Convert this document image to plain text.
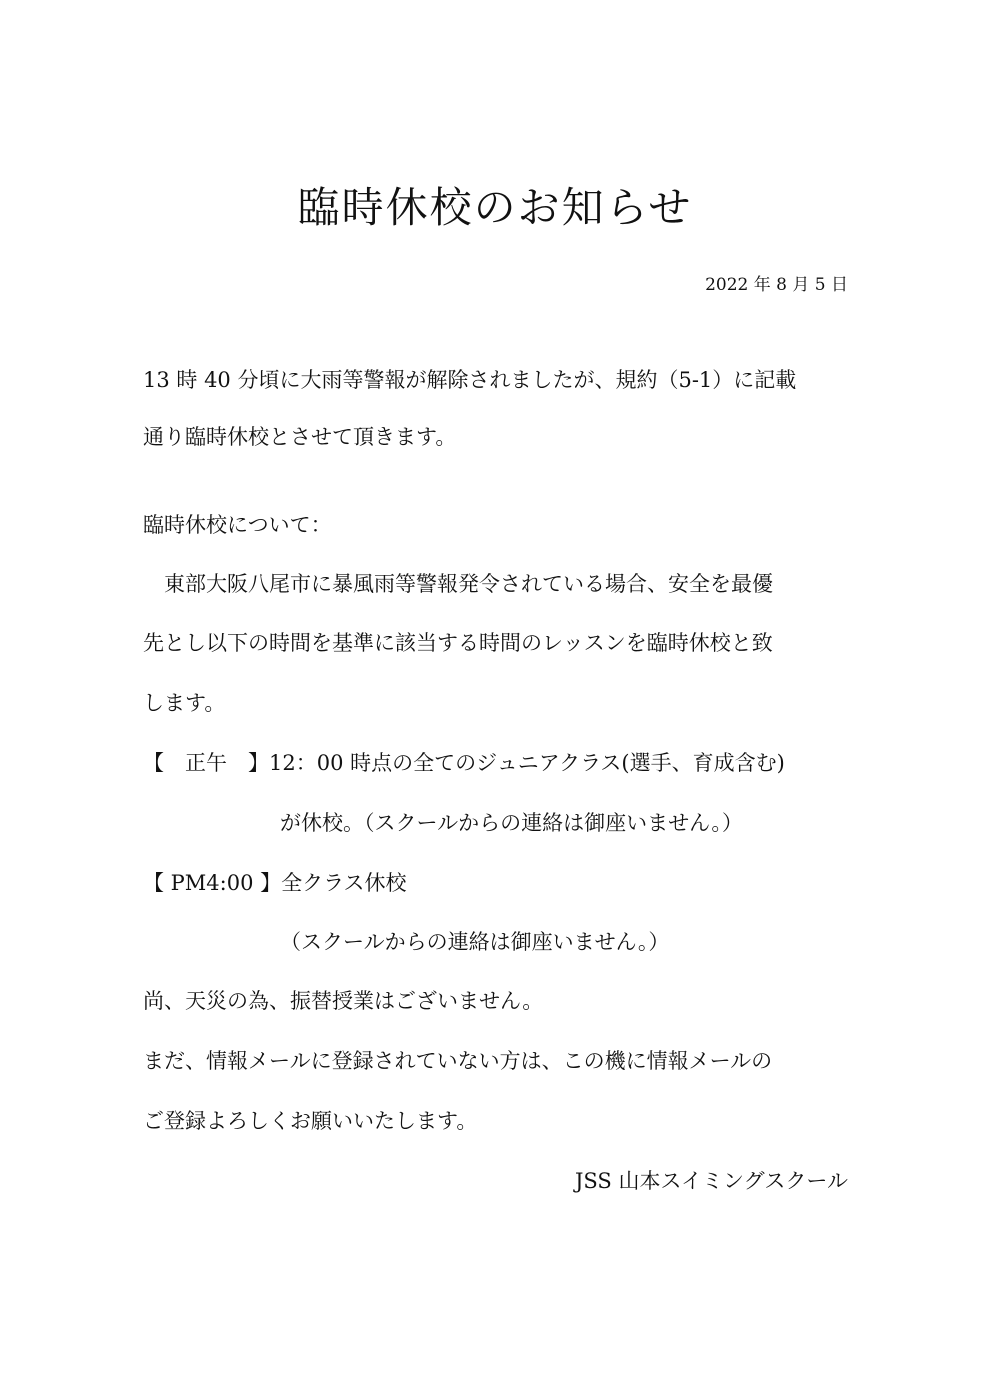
臨時休校のお知らせ
2022 年 8 月 5 日
13 時 40 分頃に大雨等警報が解除されましたが、規約（5-1）に記載
通り臨時休校とさせて頂きます。
臨時休校について：
東部大阪八尾市に暴風雨等警報発令されている場合、安全を最優
先とし以下の時間を基準に該当する時間のレッスンを臨時休校と致
します。
【　正午　】12：00 時点の全てのジュニアクラス(選手、育成含む)
が休校。（スクールからの連絡は御座いません。）
【 PM4:00 】全クラス休校
（スクールからの連絡は御座いません。）
尚、天災の為、振替授業はございません。
まだ、情報メールに登録されていない方は、この機に情報メールの
ご登録よろしくお願いいたします。
JSS 山本スイミングスクール
